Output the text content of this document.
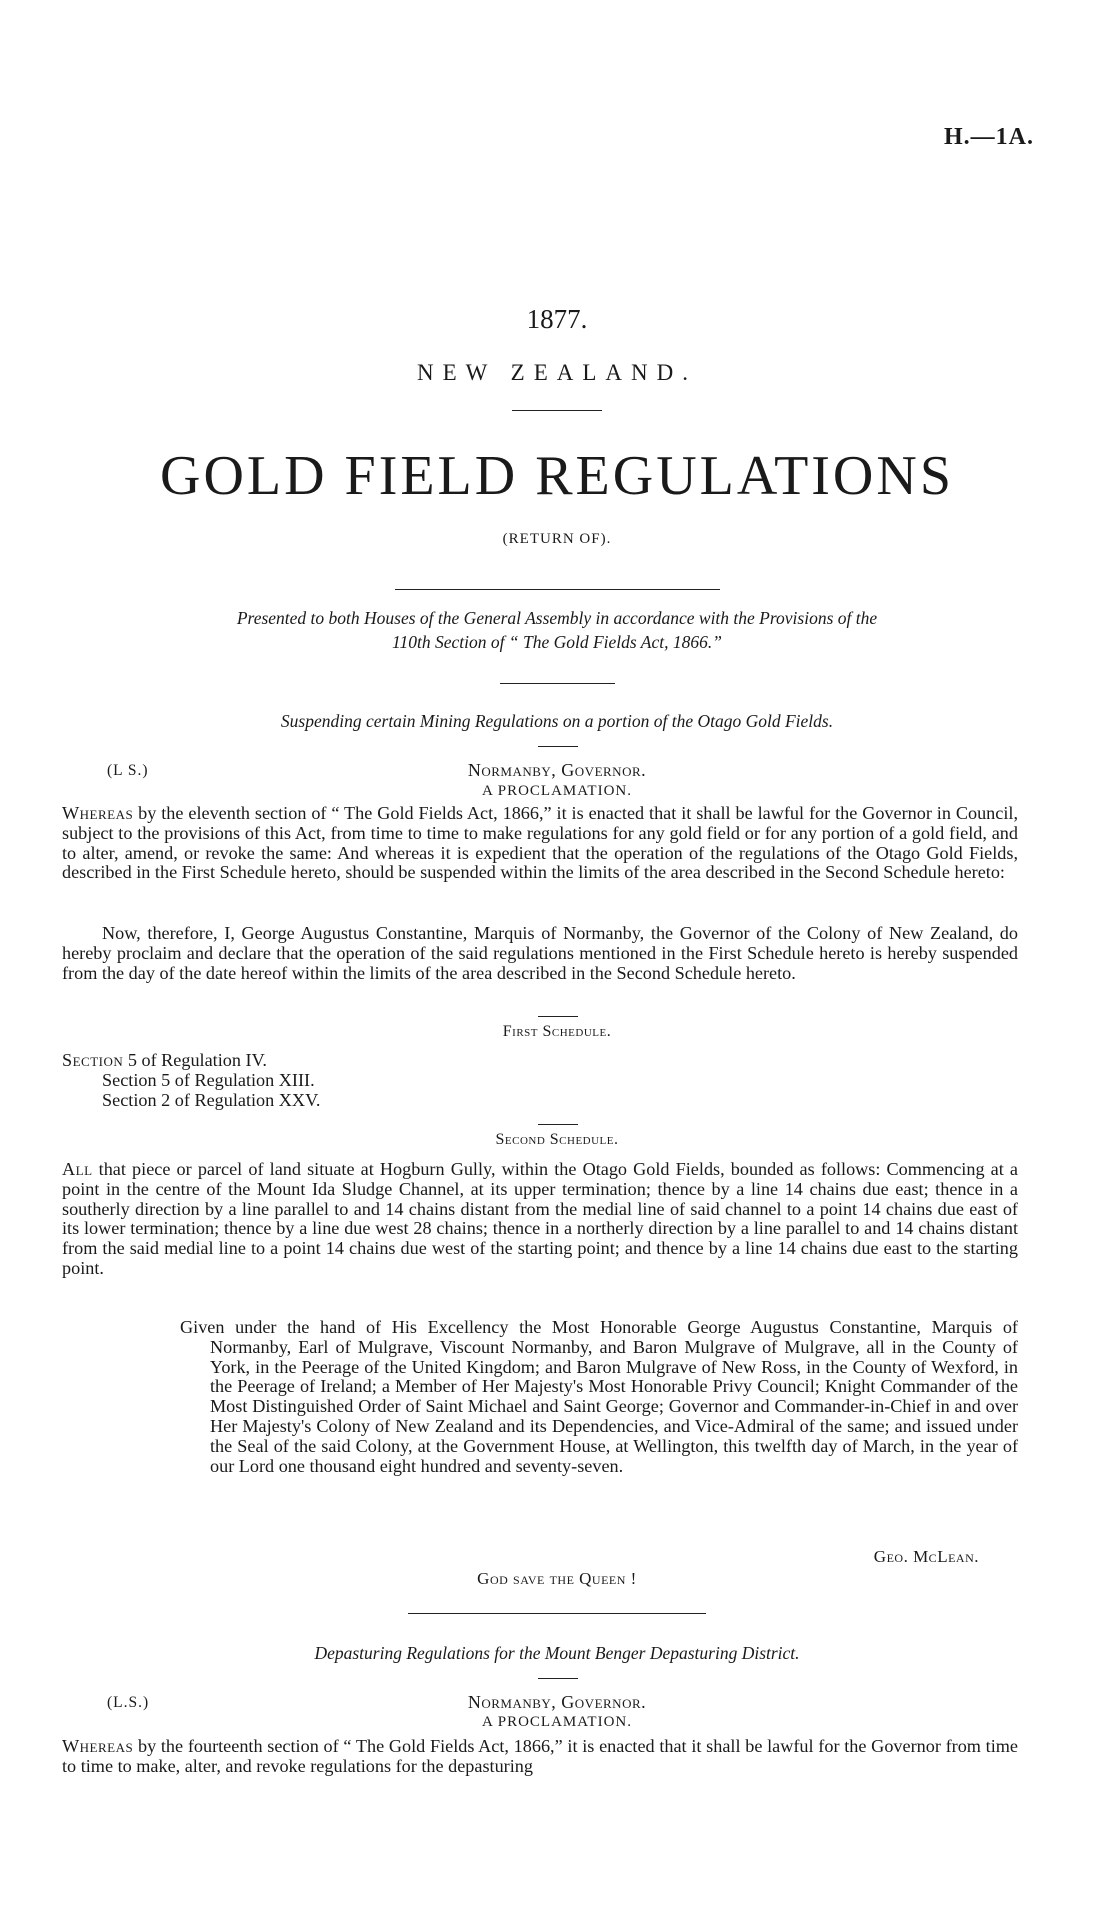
H.—1A.
1877.
NEW ZEALAND.
GOLD FIELD REGULATIONS
(RETURN OF).
Presented to both Houses of the General Assembly in accordance with the Provisions of the
110th Section of “ The Gold Fields Act, 1866.”
Suspending certain Mining Regulations on a portion of the Otago Gold Fields.
(L S.)	Normanby, Governor.
A PROCLAMATION.

Whereas by the eleventh section of “ The Gold Fields Act, 1866,” it is enacted that it shall be lawful for the Governor in Council, subject to the provisions of this Act, from time to time to make regulations for any gold field or for any portion of a gold field, and to alter, amend, or revoke the same: And whereas it is expedient that the operation of the regulations of the Otago Gold Fields, described in the First Schedule hereto, should be suspended within the limits of the area described in the Second Schedule hereto:

Now, therefore, I, George Augustus Constantine, Marquis of Normanby, the Governor of the Colony of New Zealand, do hereby proclaim and declare that the operation of the said regulations mentioned in the First Schedule hereto is hereby suspended from the day of the date hereof within the limits of the area described in the Second Schedule hereto.

First Schedule.
Section 5 of Regulation IV.
Section 5 of Regulation XIII.
Section 2 of Regulation XXV.
Second Schedule.

All that piece or parcel of land situate at Hogburn Gully, within the Otago Gold Fields, bounded as follows: Commencing at a point in the centre of the Mount Ida Sludge Channel, at its upper termination; thence by a line 14 chains due east; thence in a southerly direction by a line parallel to and 14 chains distant from the medial line of said channel to a point 14 chains due east of its lower termination; thence by a line due west 28 chains; thence in a northerly direction by a line parallel to and 14 chains distant from the said medial line to a point 14 chains due west of the starting point; and thence by a line 14 chains due east to the starting point.

Given under the hand of His Excellency the Most Honorable George Augustus Constantine, Marquis of Normanby, Earl of Mulgrave, Viscount Normanby, and Baron Mulgrave of Mulgrave, all in the County of York, in the Peerage of the United Kingdom; and Baron Mulgrave of New Ross, in the County of Wexford, in the Peerage of Ireland; a Member of Her Majesty's Most Honorable Privy Council; Knight Commander of the Most Distinguished Order of Saint Michael and Saint George; Governor and Commander-in-Chief in and over Her Majesty's Colony of New Zealand and its Dependencies, and Vice-Admiral of the same; and issued under the Seal of the said Colony, at the Government House, at Wellington, this twelfth day of March, in the year of our Lord one thousand eight hundred and seventy-seven.

Geo. McLean.
God save the Queen !
Depasturing Regulations for the Mount Benger Depasturing District.
(L.S.)	Normanby, Governor.
A PROCLAMATION.

Whereas by the fourteenth section of “ The Gold Fields Act, 1866,” it is enacted that it shall be lawful for the Governor from time to time to make, alter, and revoke regulations for the depasturing
